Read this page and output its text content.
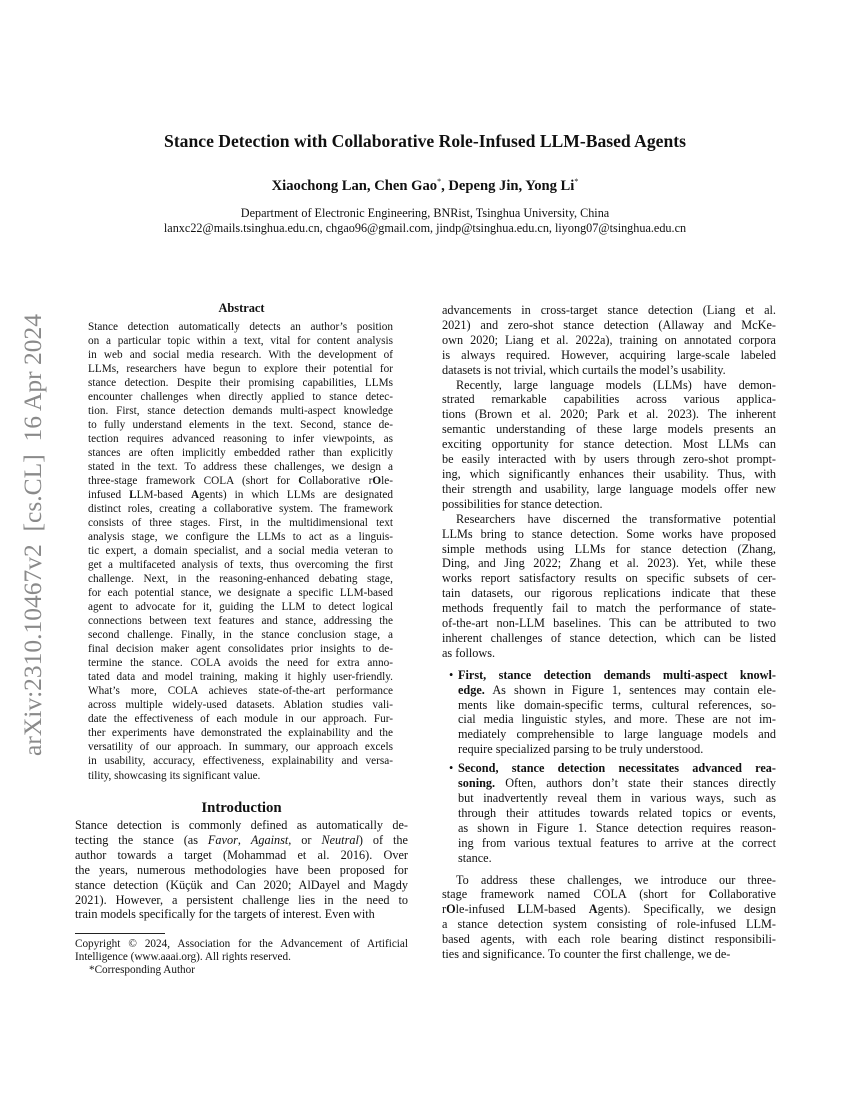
arXiv:2310.10467v2  [cs.CL]  16 Apr 2024
Stance Detection with Collaborative Role-Infused LLM-Based Agents
Xiaochong Lan, Chen Gao*, Depeng Jin, Yong Li*
Department of Electronic Engineering, BNRist, Tsinghua University, China
lanxc22@mails.tsinghua.edu.cn, chgao96@gmail.com, jindp@tsinghua.edu.cn, liyong07@tsinghua.edu.cn
Abstract
Stance detection automatically detects an author’s position
on a particular topic within a text, vital for content analysis
in web and social media research. With the development of
LLMs, researchers have begun to explore their potential for
stance detection. Despite their promising capabilities, LLMs
encounter challenges when directly applied to stance detec-
tion. First, stance detection demands multi-aspect knowledge
to fully understand elements in the text. Second, stance de-
tection requires advanced reasoning to infer viewpoints, as
stances are often implicitly embedded rather than explicitly
stated in the text. To address these challenges, we design a
three-stage framework COLA (short for Collaborative rOle-
infused LLM-based Agents) in which LLMs are designated
distinct roles, creating a collaborative system. The framework
consists of three stages. First, in the multidimensional text
analysis stage, we configure the LLMs to act as a linguis-
tic expert, a domain specialist, and a social media veteran to
get a multifaceted analysis of texts, thus overcoming the first
challenge. Next, in the reasoning-enhanced debating stage,
for each potential stance, we designate a specific LLM-based
agent to advocate for it, guiding the LLM to detect logical
connections between text features and stance, addressing the
second challenge. Finally, in the stance conclusion stage, a
final decision maker agent consolidates prior insights to de-
termine the stance. COLA avoids the need for extra anno-
tated data and model training, making it highly user-friendly.
What’s more, COLA achieves state-of-the-art performance
across multiple widely-used datasets. Ablation studies vali-
date the effectiveness of each module in our approach. Fur-
ther experiments have demonstrated the explainability and the
versatility of our approach. In summary, our approach excels
in usability, accuracy, effectiveness, explainability and versa-
tility, showcasing its significant value.
Introduction
Stance detection is commonly defined as automatically de-
tecting the stance (as Favor, Against, or Neutral) of the
author towards a target (Mohammad et al. 2016). Over
the years, numerous methodologies have been proposed for
stance detection (Küçük and Can 2020; AlDayel and Magdy
2021). However, a persistent challenge lies in the need to
train models specifically for the targets of interest. Even with
Copyright © 2024, Association for the Advancement of Artificial
Intelligence (www.aaai.org). All rights reserved.
*Corresponding Author
advancements in cross-target stance detection (Liang et al.
2021) and zero-shot stance detection (Allaway and McKe-
own 2020; Liang et al. 2022a), training on annotated corpora
is always required. However, acquiring large-scale labeled
datasets is not trivial, which curtails the model’s usability.
Recently, large language models (LLMs) have demon-
strated remarkable capabilities across various applica-
tions (Brown et al. 2020; Park et al. 2023). The inherent
semantic understanding of these large models presents an
exciting opportunity for stance detection. Most LLMs can
be easily interacted with by users through zero-shot prompt-
ing, which significantly enhances their usability. Thus, with
their strength and usability, large language models offer new
possibilities for stance detection.
Researchers have discerned the transformative potential
LLMs bring to stance detection. Some works have proposed
simple methods using LLMs for stance detection (Zhang,
Ding, and Jing 2022; Zhang et al. 2023). Yet, while these
works report satisfactory results on specific subsets of cer-
tain datasets, our rigorous replications indicate that these
methods frequently fail to match the performance of state-
of-the-art non-LLM baselines. This can be attributed to two
inherent challenges of stance detection, which can be listed
as follows.
• First, stance detection demands multi-aspect knowl-
edge. As shown in Figure 1, sentences may contain ele-
ments like domain-specific terms, cultural references, so-
cial media linguistic styles, and more. These are not im-
mediately comprehensible to large language models and
require specialized parsing to be truly understood.
• Second, stance detection necessitates advanced rea-
soning. Often, authors don’t state their stances directly
but inadvertently reveal them in various ways, such as
through their attitudes towards related topics or events,
as shown in Figure 1. Stance detection requires reason-
ing from various textual features to arrive at the correct
stance.
To address these challenges, we introduce our three-
stage framework named COLA (short for Collaborative
rOle-infused LLM-based Agents). Specifically, we design
a stance detection system consisting of role-infused LLM-
based agents, with each role bearing distinct responsibili-
ties and significance. To counter the first challenge, we de-
